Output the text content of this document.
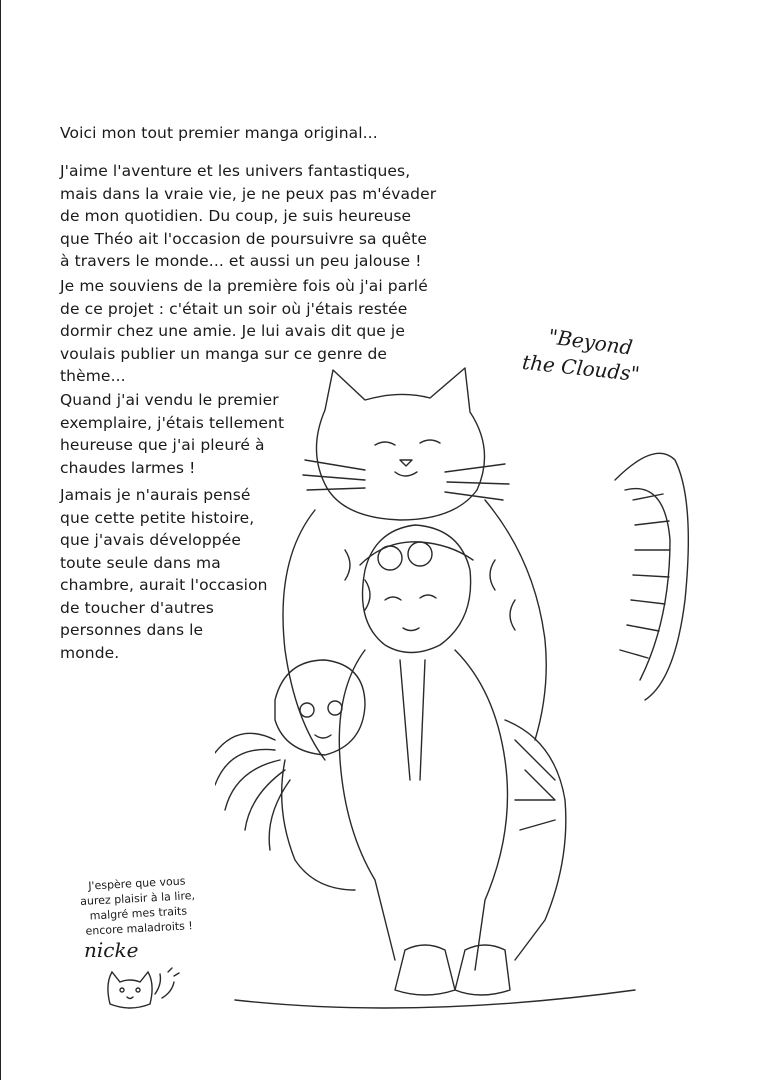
Voici mon tout premier manga original...

J'aime l'aventure et les univers fantastiques,
mais dans la vraie vie, je ne peux pas m'évader
de mon quotidien. Du coup, je suis heureuse
que Théo ait l'occasion de poursuivre sa quête
à travers le monde... et aussi un peu jalouse !

Je me souviens de la première fois où j'ai parlé
de ce projet : c'était un soir où j'étais restée
dormir chez une amie. Je lui avais dit que je
voulais publier un manga sur ce genre de
thème...

Quand j'ai vendu le premier
exemplaire, j'étais tellement
heureuse que j'ai pleuré à
chaudes larmes !

Jamais je n'aurais pensé
que cette petite histoire,
que j'avais développée
toute seule dans ma
chambre, aurait l'occasion
de toucher d'autres
personnes dans le
monde.

"Beyond

the Clouds"

J'espère que vous
aurez plaisir à la lire,
malgré mes traits
encore maladroits !

nicke
